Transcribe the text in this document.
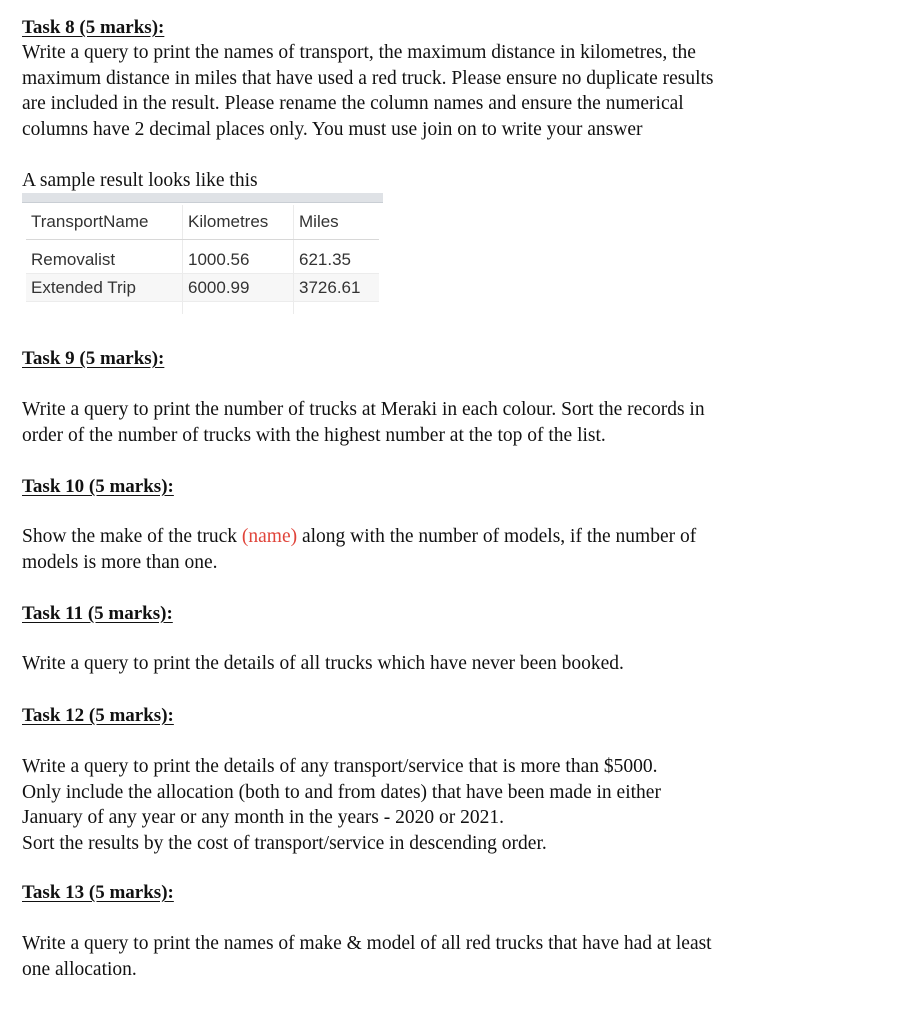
Task 8 (5 marks):
Write a query to print the names of transport, the maximum distance in kilometres, the
maximum distance in miles that have used a red truck. Please ensure no duplicate results
are included in the result. Please rename the column names and ensure the numerical
columns have 2 decimal places only. You must use join on to write your answer
A sample result looks like this
TransportName	Kilometres	Miles
Removalist	1000.56	621.35
Extended Trip	6000.99	3726.61

Task 9 (5 marks):
Write a query to print the number of trucks at Meraki in each colour. Sort the records in
order of the number of trucks with the highest number at the top of the list.
Task 10 (5 marks):
Show the make of the truck (name) along with the number of models, if the number of
models is more than one.
Task 11 (5 marks):
Write a query to print the details of all trucks which have never been booked.
Task 12 (5 marks):
Write a query to print the details of any transport/service that is more than $5000.
Only include the allocation (both to and from dates) that have been made in either
January of any year or any month in the years - 2020 or 2021.
Sort the results by the cost of transport/service in descending order.
Task 13 (5 marks):
Write a query to print the names of make & model of all red trucks that have had at least
one allocation.
